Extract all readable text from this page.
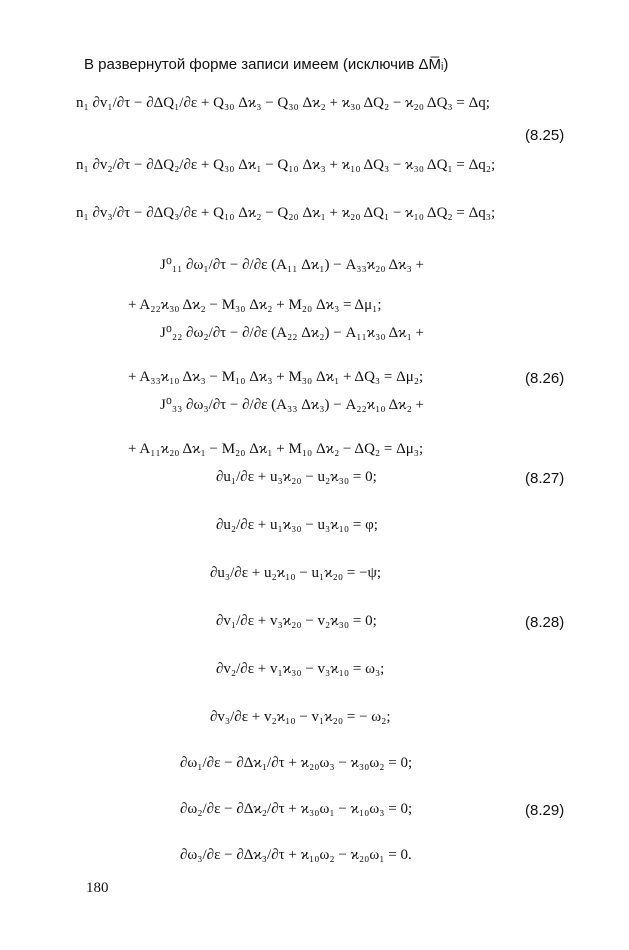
В развернутой форме записи имеем (исключив ΔM̅ᵢ)
n₁ ∂v₁/∂τ − ∂ΔQ₁/∂ε + Q₃₀ Δϰ₃ − Q₃₀ Δϰ₂ + ϰ₃₀ ΔQ₂ − ϰ₂₀ ΔQ₃ = Δq;
(8.25)
n₁ ∂v₂/∂τ − ∂ΔQ₂/∂ε + Q₃₀ Δϰ₁ − Q₁₀ Δϰ₃ + ϰ₁₀ ΔQ₃ − ϰ₃₀ ΔQ₁ = Δq₂;
n₁ ∂v₃/∂τ − ∂ΔQ₃/∂ε + Q₁₀ Δϰ₂ − Q₂₀ Δϰ₁ + ϰ₂₀ ΔQ₁ − ϰ₁₀ ΔQ₂ = Δq₃;
J⁰₁₁ ∂ω₁/∂τ − ∂/∂ε (A₁₁ Δϰ₁) − A₃₃ϰ₂₀ Δϰ₃ +
+ A₂₂ϰ₃₀ Δϰ₂ − M₃₀ Δϰ₂ + M₂₀ Δϰ₃ = Δμ₁;
J⁰₂₂ ∂ω₂/∂τ − ∂/∂ε (A₂₂ Δϰ₂) − A₁₁ϰ₃₀ Δϰ₁ +
+ A₃₃ϰ₁₀ Δϰ₃ − M₁₀ Δϰ₃ + M₃₀ Δϰ₁ + ΔQ₃ = Δμ₂;	(8.26)
J⁰₃₃ ∂ω₃/∂τ − ∂/∂ε (A₃₃ Δϰ₃) − A₂₂ϰ₁₀ Δϰ₂ +
+ A₁₁ϰ₂₀ Δϰ₁ − M₂₀ Δϰ₁ + M₁₀ Δϰ₂ − ΔQ₂ = Δμ₃;
∂u₁/∂ε + u₃ϰ₂₀ − u₂ϰ₃₀ = 0;	(8.27)
∂u₂/∂ε + u₁ϰ₃₀ − u₃ϰ₁₀ = φ;
∂u₃/∂ε + u₂ϰ₁₀ − u₁ϰ₂₀ = −ψ;
∂v₁/∂ε + v₃ϰ₂₀ − v₂ϰ₃₀ = 0;	(8.28)
∂v₂/∂ε + v₁ϰ₃₀ − v₃ϰ₁₀ = ω₃;
∂v₃/∂ε + v₂ϰ₁₀ − v₁ϰ₂₀ = − ω₂;
∂ω₁/∂ε − ∂Δϰ₁/∂τ + ϰ₂₀ω₃ − ϰ₃₀ω₂ = 0;
∂ω₂/∂ε − ∂Δϰ₂/∂τ + ϰ₃₀ω₁ − ϰ₁₀ω₃ = 0;	(8.29)
∂ω₃/∂ε − ∂Δϰ₃/∂τ + ϰ₁₀ω₂ − ϰ₂₀ω₁ = 0.
180
